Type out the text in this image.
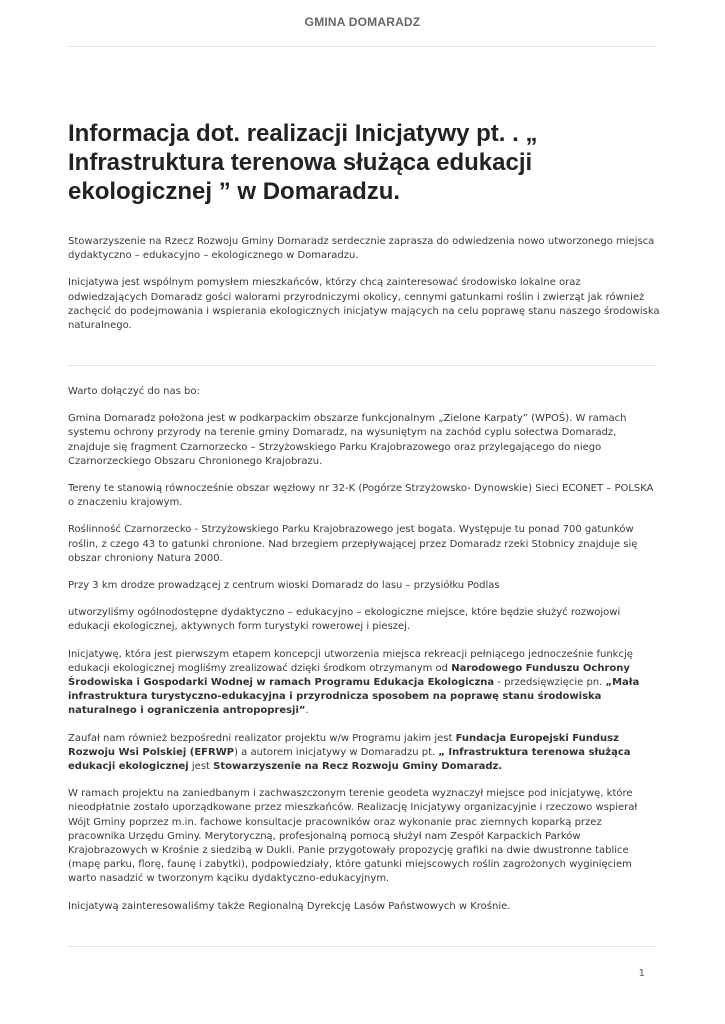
GMINA DOMARADZ
Informacja dot. realizacji Inicjatywy pt. . „ Infrastruktura terenowa służąca edukacji ekologicznej ” w Domaradzu.

Stowarzyszenie na Rzecz Rozwoju Gminy Domaradz serdecznie zaprasza do odwiedzenia nowo utworzonego miejsca dydaktyczno – edukacyjno – ekologicznego w Domaradzu.

Inicjatywa jest wspólnym pomysłem mieszkańców, którzy chcą zainteresować środowisko lokalne oraz odwiedzających Domaradz gości walorami przyrodniczymi okolicy, cennymi gatunkami roślin i zwierząt jak również zachęcić do podejmowania i wspierania ekologicznych inicjatyw mających na celu poprawę stanu naszego środowiska naturalnego.

Warto dołączyć do nas bo:

Gmina Domaradz położona jest w podkarpackim obszarze funkcjonalnym „Zielone Karpaty” (WPOŚ). W ramach systemu ochrony przyrody na terenie gminy Domaradz, na wysuniętym na zachód cyplu sołectwa Domaradz, znajduje się fragment Czarnorzecko – Strzyżowskiego Parku Krajobrazowego oraz przylegającego do niego Czarnorzeckiego Obszaru Chronionego Krajobrazu.

Tereny te stanowią równocześnie obszar węzłowy nr 32-K (Pogórze Strzyżowsko- Dynowskie) Sieci ECONET – POLSKA o znaczeniu krajowym.

Roślinność Czarnorzecko - Strzyżowskiego Parku Krajobrazowego jest bogata. Występuje tu ponad 700 gatunków roślin, z czego 43 to gatunki chronione. Nad brzegiem przepływającej przez Domaradz rzeki Stobnicy znajduje się obszar chroniony Natura 2000.

Przy 3 km drodze prowadzącej z centrum wioski Domaradz do lasu – przysiółku Podlas

utworzyliśmy ogólnodostępne dydaktyczno – edukacyjno – ekologiczne miejsce, które będzie służyć rozwojowi edukacji ekologicznej, aktywnych form turystyki rowerowej i pieszej.

Inicjatywę, która jest pierwszym etapem koncepcji utworzenia miejsca rekreacji pełniącego jednocześnie funkcję edukacji ekologicznej mogliśmy zrealizować dzięki środkom otrzymanym od Narodowego Funduszu Ochrony Środowiska i Gospodarki Wodnej w ramach Programu Edukacja Ekologiczna - przedsięwzięcie pn. „Mała infrastruktura turystyczno-edukacyjna i przyrodnicza sposobem na poprawę stanu środowiska naturalnego i ograniczenia antropopresji”.

Zaufał nam również bezpośredni realizator projektu w/w Programu jakim jest Fundacja Europejski Fundusz Rozwoju Wsi Polskiej (EFRWP) a autorem inicjatywy w Domaradzu pt. „ Infrastruktura terenowa służąca edukacji ekologicznej jest Stowarzyszenie na Recz Rozwoju Gminy Domaradz.

W ramach projektu na zaniedbanym i zachwaszczonym terenie geodeta wyznaczył miejsce pod inicjatywę, które nieodpłatnie zostało uporządkowane przez mieszkańców. Realizację Inicjatywy organizacyjnie i rzeczowo wspierał Wójt Gminy poprzez m.in. fachowe konsultacje pracowników oraz wykonanie prac ziemnych koparką przez pracownika Urzędu Gminy. Merytoryczną, profesjonalną pomocą służył nam Zespół Karpackich Parków Krajobrazowych w Krośnie z siedzibą w Dukli. Panie przygotowały propozycję grafiki na dwie dwustronne tablice (mapę parku, florę, faunę i zabytki), podpowiedziały, które gatunki miejscowych roślin zagrożonych wyginięciem warto nasadzić w tworzonym kąciku dydaktyczno-edukacyjnym.

Inicjatywą zainteresowaliśmy także Regionalną Dyrekcję Lasów Państwowych w Krośnie.

1
